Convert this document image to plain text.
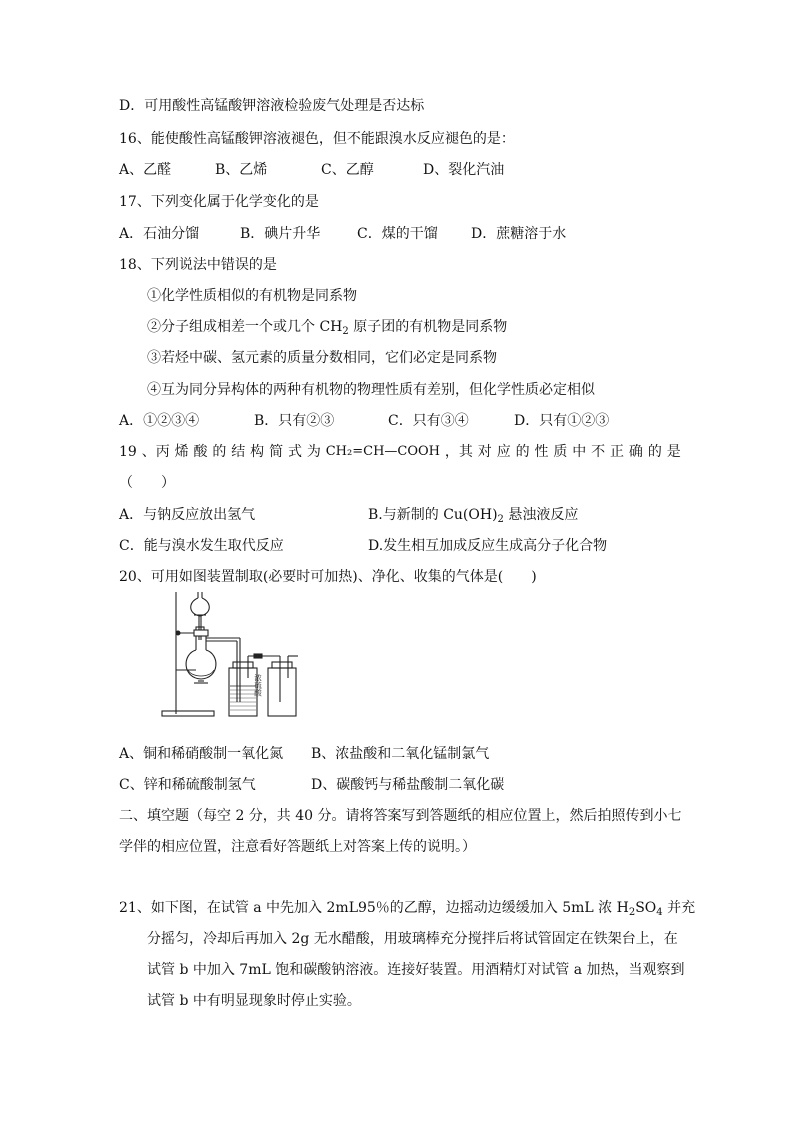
D．可用酸性高锰酸钾溶液检验废气处理是否达标
16、能使酸性高锰酸钾溶液褪色，但不能跟溴水反应褪色的是：
A、乙醛	B、乙烯	C、乙醇	D、裂化汽油
17、下列变化属于化学变化的是
A．石油分馏	B．碘片升华	C．煤的干馏 D．蔗糖溶于水
18、下列说法中错误的是
①化学性质相似的有机物是同系物
②分子组成相差一个或几个 $CH_2$ 原子团的有机物是同系物
③若烃中碳、氢元素的质量分数相同，它们必定是同系物
④互为同分异构体的两种有机物的物理性质有差别，但化学性质必定相似
A．①②③④	B．只有②③	C．只有③④	D．只有①②③
19 、丙 烯 酸 的 结 构 简 式 为 CH₂=CH—COOH ，其 对 应 的 性 质 中 不 正 确 的 是
（　　）
A．与钠反应放出氢气	B.与新制的 $Cu(OH)_2$ 悬浊液反应
C．能与溴水发生取代反应	D.发生相互加成反应生成高分子化合物
20、可用如图装置制取(必要时可加热)、净化、收集的气体是(　　)
浓硫酸
A、铜和稀硝酸制一氧化氮 B、浓盐酸和二氧化锰制氯气
C、锌和稀硫酸制氢气	D、碳酸钙与稀盐酸制二氧化碳
二、填空题（每空 2 分，共 40 分。请将答案写到答题纸的相应位置上，然后拍照传到小七
学伴的相应位置，注意看好答题纸上对答案上传的说明。）
21、如下图，在试管 a 中先加入 2mL95％的乙醇，边摇动边缓缓加入 5mL 浓 $H_2SO_4$ 并充
分摇匀，冷却后再加入 2g 无水醋酸，用玻璃棒充分搅拌后将试管固定在铁架台上，在
试管 b 中加入 7mL 饱和碳酸钠溶液。连接好装置。用酒精灯对试管 a 加热，当观察到
试管 b 中有明显现象时停止实验。
